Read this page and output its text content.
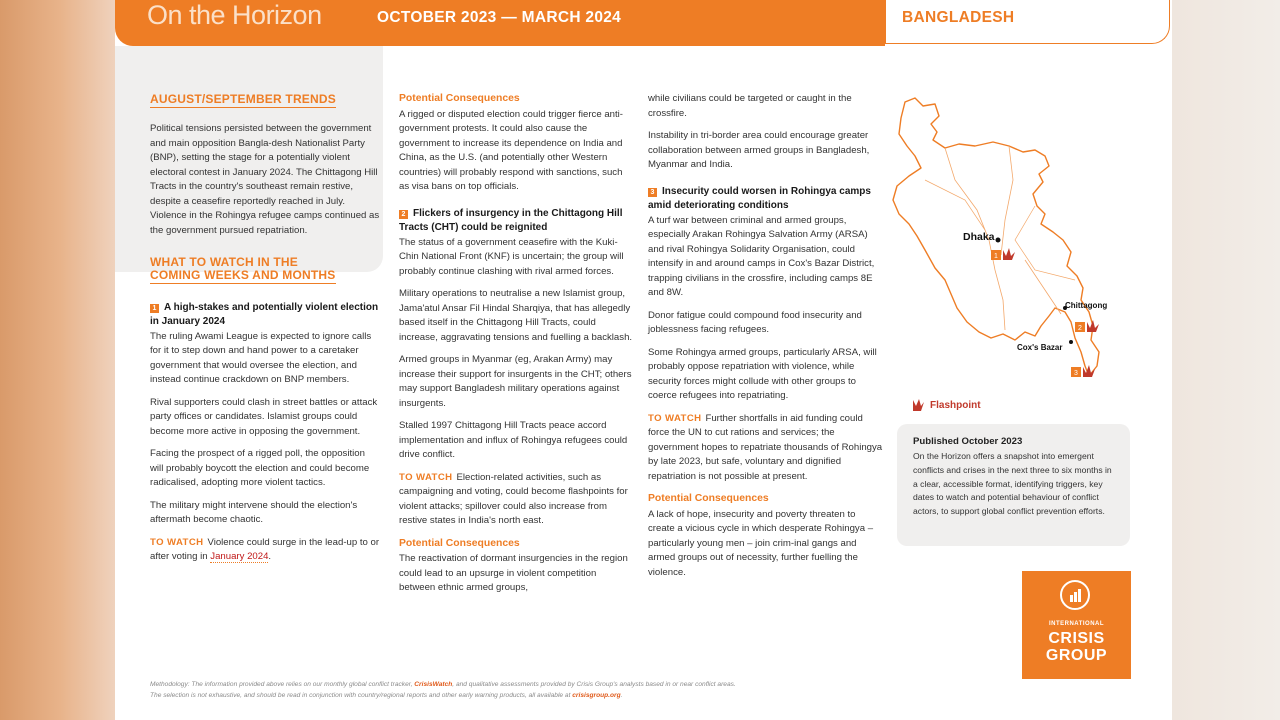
On the Horizon	OCTOBER 2023 — MARCH 2024	BANGLADESH
AUGUST/SEPTEMBER TRENDS

Political tensions persisted between the government and main opposition Bangla-desh Nationalist Party (BNP), setting the stage for a potentially violent electoral contest in January 2024. The Chittagong Hill Tracts in the country's southeast remain restive, despite a ceasefire reportedly reached in July. Violence in the Rohingya refugee camps continued as the government pursued repatriation.

WHAT TO WATCH IN THE
COMING WEEKS AND MONTHS
1 A high-stakes and potentially violent election in January 2024

The ruling Awami League is expected to ignore calls for it to step down and hand power to a caretaker government that would oversee the election, and instead continue crackdown on BNP members.

Rival supporters could clash in street battles or attack party offices or candidates. Islamist groups could become more active in opposing the government.

Facing the prospect of a rigged poll, the opposition will probably boycott the election and could become radicalised, adopting more violent tactics.

The military might intervene should the election's aftermath become chaotic.

TO WATCH Violence could surge in the lead-up to or after voting in January 2024.

Potential Consequences

A rigged or disputed election could trigger fierce anti-government protests. It could also cause the government to increase its dependence on India and China, as the U.S. (and potentially other Western countries) will probably respond with sanctions, such as visa bans on top officials.

2 Flickers of insurgency in the Chittagong Hill Tracts (CHT) could be reignited

The status of a government ceasefire with the Kuki-Chin National Front (KNF) is uncertain; the group will probably continue clashing with rival armed forces.

Military operations to neutralise a new Islamist group, Jama'atul Ansar Fil Hindal Sharqiya, that has allegedly based itself in the Chittagong Hill Tracts, could increase, aggravating tensions and fuelling a backlash.

Armed groups in Myanmar (eg, Arakan Army) may increase their support for insurgents in the CHT; others may support Bangladesh military operations against insurgents.

Stalled 1997 Chittagong Hill Tracts peace accord implementation and influx of Rohingya refugees could drive conflict.

TO WATCH Election-related activities, such as campaigning and voting, could become flashpoints for violent attacks; spillover could also increase from restive states in India's north east.

Potential Consequences

The reactivation of dormant insurgencies in the region could lead to an upsurge in violent competition between ethnic armed groups,

while civilians could be targeted or caught in the crossfire.

Instability in tri-border area could encourage greater collaboration between armed groups in Bangladesh, Myanmar and India.

3 Insecurity could worsen in Rohingya camps amid deteriorating conditions

A turf war between criminal and armed groups, especially Arakan Rohingya Salvation Army (ARSA) and rival Rohingya Solidarity Organisation, could intensify in and around camps in Cox's Bazar District, trapping civilians in the crossfire, including camps 8E and 8W.

Donor fatigue could compound food insecurity and joblessness facing refugees.

Some Rohingya armed groups, particularly ARSA, will probably oppose repatriation with violence, while security forces might collude with other groups to coerce refugees into repatriating.

TO WATCH Further shortfalls in aid funding could force the UN to cut rations and services; the government hopes to repatriate thousands of Rohingya by late 2023, but safe, voluntary and dignified repatriation is not possible at present.

Potential Consequences

A lack of hope, insecurity and poverty threaten to create a vicious cycle in which desperate Rohingya – particularly young men – join crim-inal gangs and armed groups out of necessity, further fuelling the violence.

1
2
3
Dhaka
Chittagong
Cox's Bazar
Flashpoint
Published October 2023
On the Horizon offers a snapshot into emergent conflicts and crises in the next three to six months in a clear, accessible format, identifying triggers, key dates to watch and potential behaviour of conflict actors, to support global conflict prevention efforts.
INTERNATIONAL
CRISIS
GROUP
Methodology: The information provided above relies on our monthly global conflict tracker, CrisisWatch, and qualitative assessments provided by Crisis Group's analysts based in or near conflict areas.
The selection is not exhaustive, and should be read in conjunction with country/regional reports and other early warning products, all available at crisisgroup.org.
